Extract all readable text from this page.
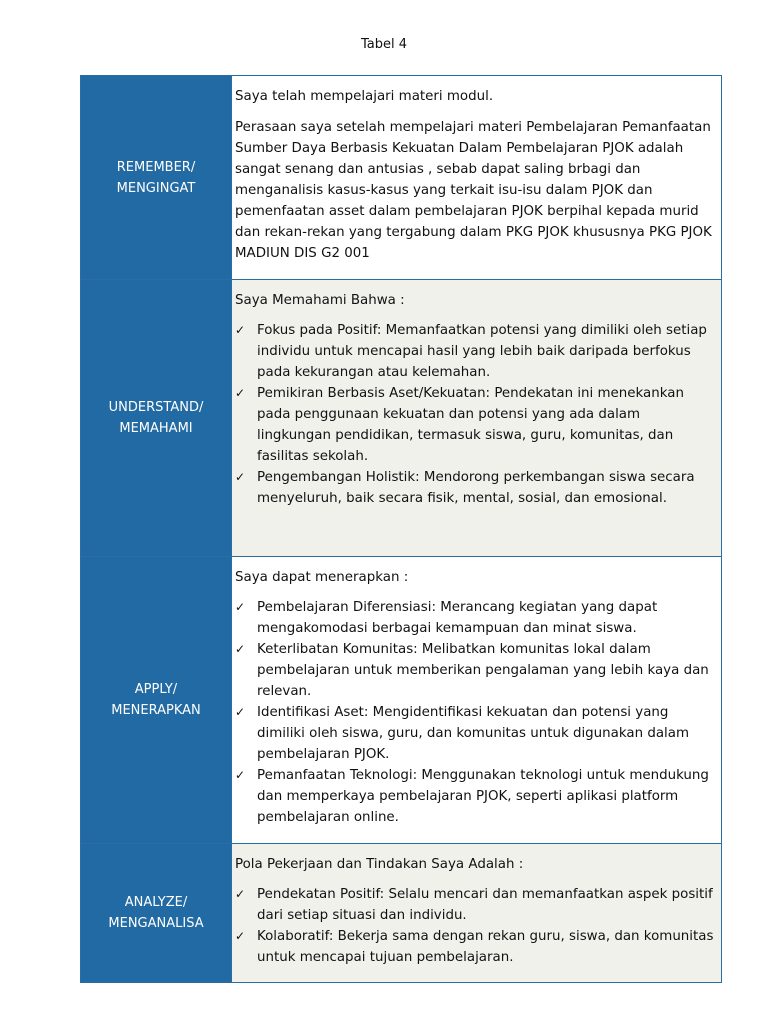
Tabel 4
REMEMBER/
MENGINGAT

Saya telah mempelajari materi modul.

Perasaan saya setelah mempelajari materi Pembelajaran Pemanfaatan Sumber Daya Berbasis Kekuatan Dalam Pembelajaran PJOK adalah sangat senang dan antusias , sebab dapat saling brbagi dan menganalisis kasus-kasus yang terkait isu-isu dalam PJOK dan pemenfaatan asset dalam pembelajaran PJOK berpihal kepada murid dan rekan-rekan yang tergabung dalam PKG PJOK khususnya PKG PJOK MADIUN DIS G2 001

UNDERSTAND/
MEMAHAMI

Saya Memahami Bahwa :

✓ Fokus pada Positif: Memanfaatkan potensi yang dimiliki oleh setiap individu untuk mencapai hasil yang lebih baik daripada berfokus pada kekurangan atau kelemahan.
✓ Pemikiran Berbasis Aset/Kekuatan: Pendekatan ini menekankan pada penggunaan kekuatan dan potensi yang ada dalam lingkungan pendidikan, termasuk siswa, guru, komunitas, dan fasilitas sekolah.
✓ Pengembangan Holistik: Mendorong perkembangan siswa secara menyeluruh, baik secara fisik, mental, sosial, dan emosional.
APPLY/
MENERAPKAN

Saya dapat menerapkan :

✓ Pembelajaran Diferensiasi: Merancang kegiatan yang dapat mengakomodasi berbagai kemampuan dan minat siswa.
✓ Keterlibatan Komunitas: Melibatkan komunitas lokal dalam pembelajaran untuk memberikan pengalaman yang lebih kaya dan relevan.
✓ Identifikasi Aset: Mengidentifikasi kekuatan dan potensi yang dimiliki oleh siswa, guru, dan komunitas untuk digunakan dalam pembelajaran PJOK.
✓ Pemanfaatan Teknologi: Menggunakan teknologi untuk mendukung dan memperkaya pembelajaran PJOK, seperti aplikasi platform pembelajaran online.
ANALYZE/
MENGANALISA

Pola Pekerjaan dan Tindakan Saya Adalah :

✓ Pendekatan Positif: Selalu mencari dan memanfaatkan aspek positif dari setiap situasi dan individu.
✓ Kolaboratif: Bekerja sama dengan rekan guru, siswa, dan komunitas untuk mencapai tujuan pembelajaran.
